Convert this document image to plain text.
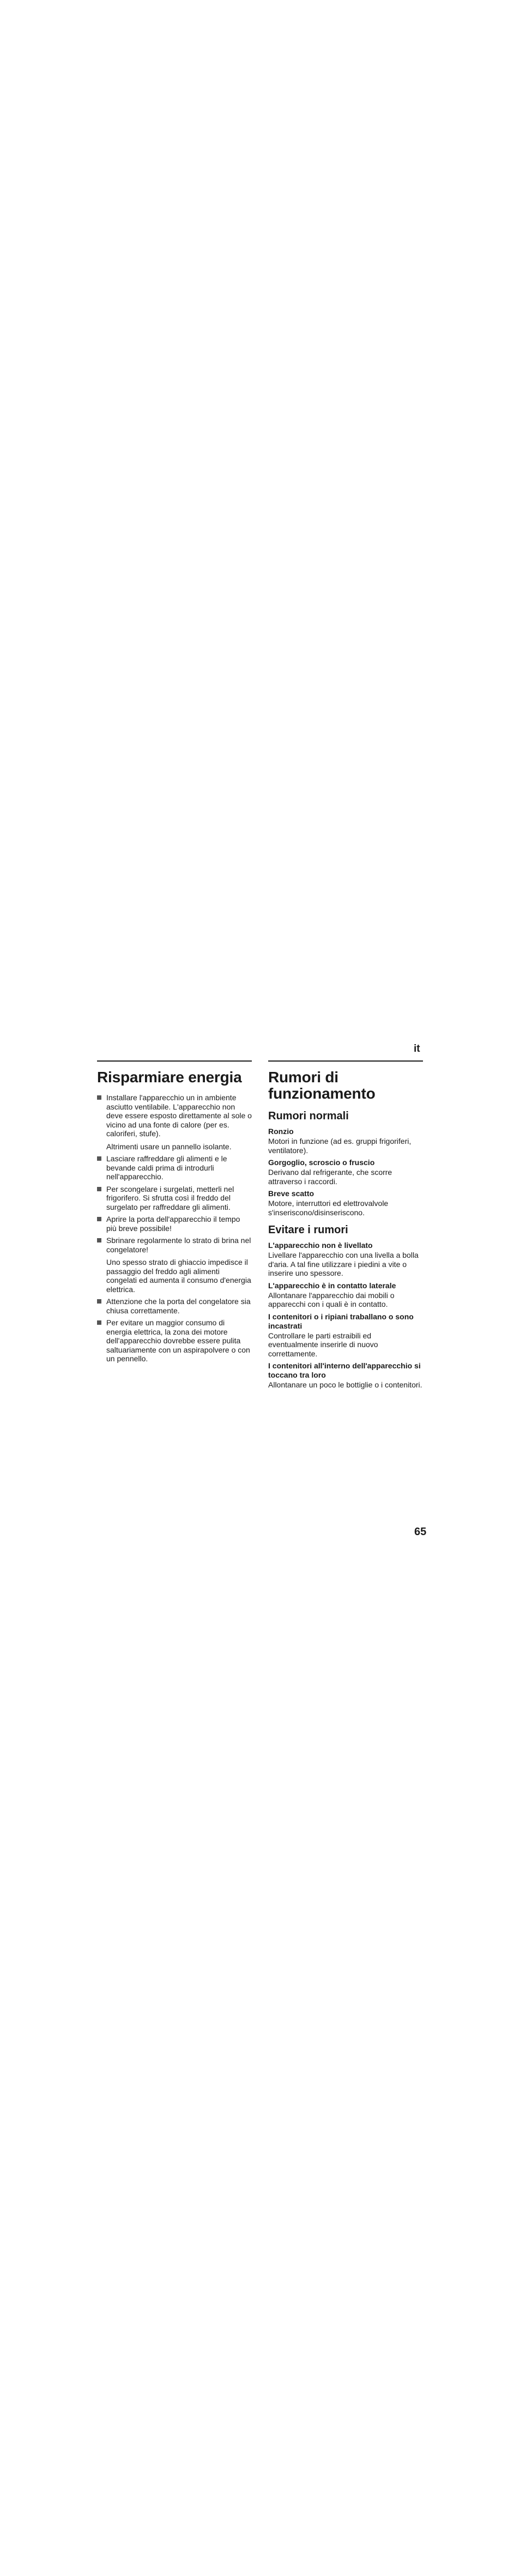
it
Risparmiare energia
Installare l'apparecchio un in ambiente asciutto ventilabile. L'apparecchio non deve essere esposto direttamente al sole o vicino ad una fonte di calore (per es. caloriferi, stufe).
Altrimenti usare un pannello isolante.
Lasciare raffreddare gli alimenti e le bevande caldi prima di introdurli nell'apparecchio.
Per scongelare i surgelati, metterli nel frigorifero. Si sfrutta così il freddo del surgelato per raffreddare gli alimenti.
Aprire la porta dell'apparecchio il tempo più breve possibile!
Sbrinare regolarmente lo strato di brina nel congelatore!
Uno spesso strato di ghiaccio impedisce il passaggio del freddo agli alimenti congelati ed aumenta il consumo d'energia elettrica.
Attenzione che la porta del congelatore sia chiusa correttamente.
Per evitare un maggior consumo di energia elettrica, la zona dei motore dell'apparecchio dovrebbe essere pulita saltuariamente con un aspirapolvere o con un pennello.
Rumori di funzionamento
Rumori normali
Ronzio

Motori in funzione (ad es. gruppi frigoriferi, ventilatore).

Gorgoglio, scroscio o fruscio

Derivano dal refrigerante, che scorre attraverso i raccordi.

Breve scatto

Motore, interruttori ed elettrovalvole s'inseriscono/disinseriscono.

Evitare i rumori
L'apparecchio non è livellato

Livellare l'apparecchio con una livella a bolla d'aria. A tal fine utilizzare i piedini a vite o inserire uno spessore.

L'apparecchio è in contatto laterale

Allontanare l'apparecchio dai mobili o apparecchi con i quali è in contatto.

I contenitori o i ripiani traballano o sono incastrati

Controllare le parti estraibili ed eventualmente inserirle di nuovo correttamente.

I contenitori all'interno dell'apparecchio si toccano tra loro

Allontanare un poco le bottiglie o i contenitori.

65
